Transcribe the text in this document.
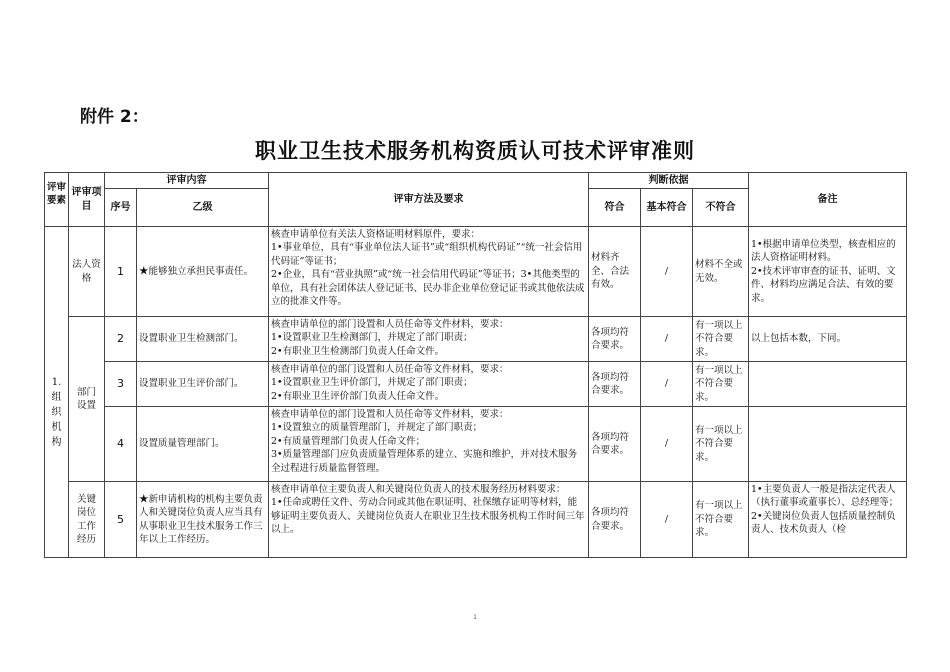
附件 2：
职业卫生技术服务机构资质认可技术评审准则
评审要素	评审项目	评审内容		评审方法及要求	判断依据			备注
		序号	乙级		符合	基本符合	不符合	

1.组织机构	法人资格	1	★能够独立承担民事责任。	核查申请单位有关法人资格证明材料原件，要求：
1•事业单位，具有“事业单位法人证书”或“组织机构代码证”“统一社会信用代码证”等证书；
2•企业，具有“营业执照”或“统一社会信用代码证”等证书；3•其他类型的单位，具有社会团体法人登记证书、民办非企业单位登记证书或其他依法成立的批准文件等。	材料齐全、合法有效。	/	材料不全或无效。	1•根据申请单位类型，核查相应的法人资格证明材料。
2•技术评审审查的证书、证明、文件、材料均应满足合法、有效的要求。

	部门设置	2	设置职业卫生检测部门。	核查申请单位的部门设置和人员任命等文件材料，要求：
1•设置职业卫生检测部门，并规定了部门职责；
2•有职业卫生检测部门负责人任命文件。	各项均符合要求。	/	有一项以上不符合要求。	以上包括本数，下同。
		3	设置职业卫生评价部门。	核查申请单位的部门设置和人员任命等文件材料，要求：
1•设置职业卫生评价部门，并规定了部门职责；
2•有职业卫生评价部门负责人任命文件。	各项均符合要求。	/	有一项以上不符合要求。	
		4	设置质量管理部门。	核查申请单位的部门设置和人员任命等文件材料，要求：
1•设置独立的质量管理部门，并规定了部门职责；
2•有质量管理部门负责人任命文件；
3•质量管理部门应负责质量管理体系的建立、实施和维护，并对技术服务全过程进行质量监督管理。	各项均符合要求。	/	有一项以上不符合要求。	

	关键岗位工作经历	5	★新申请机构的机构主要负责人和关键岗位负责人应当具有从事职业卫生技术服务工作三年以上工作经历。	核查申请单位主要负责人和关键岗位负责人的技术服务经历材料要求：
1•任命或聘任文件、劳动合同或其他在职证明、社保缴存证明等材料，能够证明主要负责人、关键岗位负责人在职业卫生技术服务机构工作时间三年以上。	各项均符合要求。	/	有一项以上不符合要求。	1•主要负责人一般是指法定代表人（执行董事或董事长）、总经理等；
2•关键岗位负责人包括质量控制负责人、技术负责人（检
1
